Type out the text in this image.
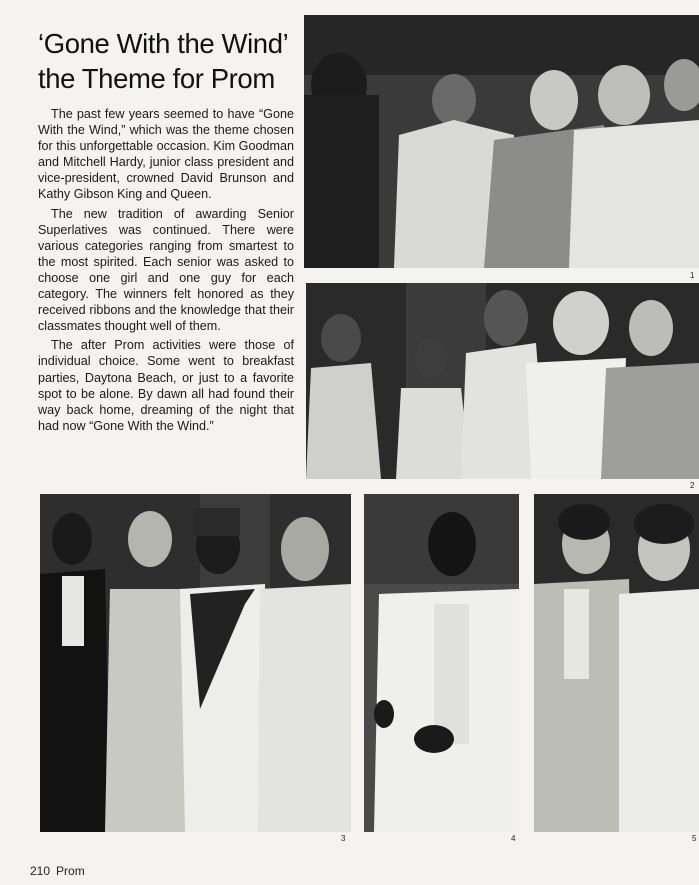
‘Gone With the Wind’
the Theme for Prom

The past few years seemed to have “Gone With the Wind,” which was the theme chosen for this unforgettable occasion. Kim Goodman and Mitchell Hardy, junior class president and vice-president, crowned David Brunson and Kathy Gibson King and Queen.

The new tradition of awarding Senior Superlatives was continued. There were various categories ranging from smartest to the most spirited. Each senior was asked to choose one girl and one guy for each category. The winners felt honored as they received ribbons and the knowledge that their classmates thought well of them.

The after Prom activities were those of individual choice. Some went to breakfast parties, Daytona Beach, or just to a favorite spot to be alone. By dawn all had found their way back home, dreaming of the night that had now “Gone With the Wind.”

1
2
3	4	5
210 Prom
